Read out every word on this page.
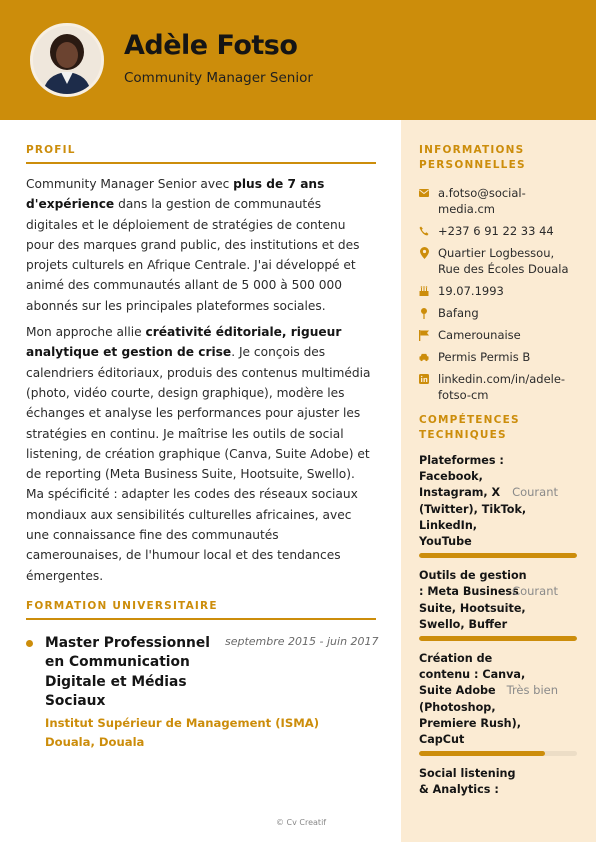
Adèle Fotso
Community Manager Senior
PROFIL

Community Manager Senior avec plus de 7 ans d'expérience dans la gestion de communautés digitales et le déploiement de stratégies de contenu pour des marques grand public, des institutions et des projets culturels en Afrique Centrale. J'ai développé et animé des communautés allant de 5 000 à 500 000 abonnés sur les principales plateformes sociales.

Mon approche allie créativité éditoriale, rigueur analytique et gestion de crise. Je conçois des calendriers éditoriaux, produis des contenus multimédia (photo, vidéo courte, design graphique), modère les échanges et analyse les performances pour ajuster les stratégies en continu. Je maîtrise les outils de social listening, de création graphique (Canva, Suite Adobe) et de reporting (Meta Business Suite, Hootsuite, Swello). Ma spécificité : adapter les codes des réseaux sociaux mondiaux aux sensibilités culturelles africaines, avec une connaissance fine des communautés camerounaises, de l'humour local et des tendances émergentes.

FORMATION UNIVERSITAIRE
Master Professionnel en Communication Digitale et Médias Sociaux
septembre 2015 - juin 2017
Institut Supérieur de Management (ISMA) Douala, Douala
INFORMATIONS PERSONNELLES
a.fotso@social-media.cm
+237 6 91 22 33 44
Quartier Logbessou, Rue des Écoles Douala
19.07.1993
Bafang
Camerounaise
Permis Permis B
linkedin.com/in/adele-fotso-cm
COMPÉTENCES TECHNIQUES
Plateformes : Facebook, Instagram, X (Twitter), TikTok, LinkedIn, YouTube
Courant
Outils de gestion : Meta Business Suite, Hootsuite, Swello, Buffer
Courant
Création de contenu : Canva, Suite Adobe (Photoshop, Premiere Rush), CapCut
Très bien
Social listening & Analytics :
© Cv Creatif
